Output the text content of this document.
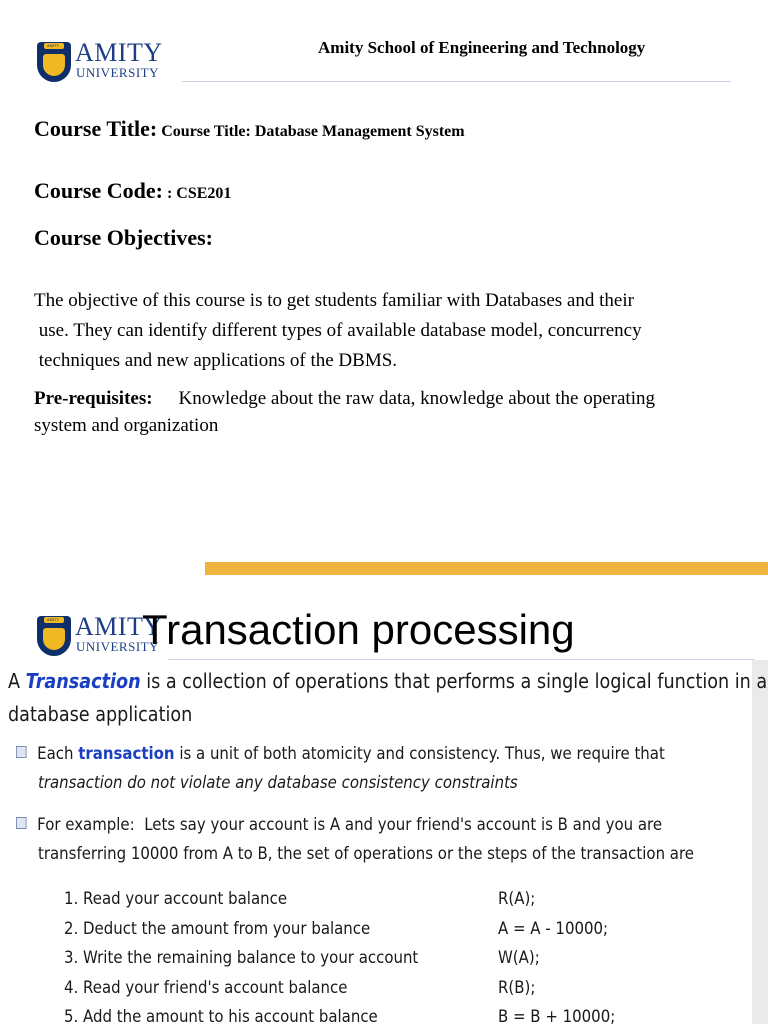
AMITY AMITY
UNIVERSITY
Amity School of Engineering and Technology
Course Title: Course Title: Database Management System
Course Code: : CSE201
Course Objectives:
The objective of this course is to get students familiar with Databases and their
use. They can identify different types of available database model, concurrency
techniques and new applications of the DBMS.
Pre-requisites: Knowledge about the raw data, knowledge about the operating
system and organization
AMITY AMITY
UNIVERSITY
Transaction processing
A Transaction is a collection of operations that performs a single logical function in a
database application
Each transaction is a unit of both atomicity and consistency. Thus, we require that
transaction do not violate any database consistency constraints
For example:  Lets say your account is A and your friend's account is B and you are
transferring 10000 from A to B, the set of operations or the steps of the transaction are
1. Read your account balance
2. Deduct the amount from your balance
3. Write the remaining balance to your account
4. Read your friend's account balance
5. Add the amount to his account balance
R(A);
A = A - 10000;
W(A);
R(B);
B = B + 10000;
